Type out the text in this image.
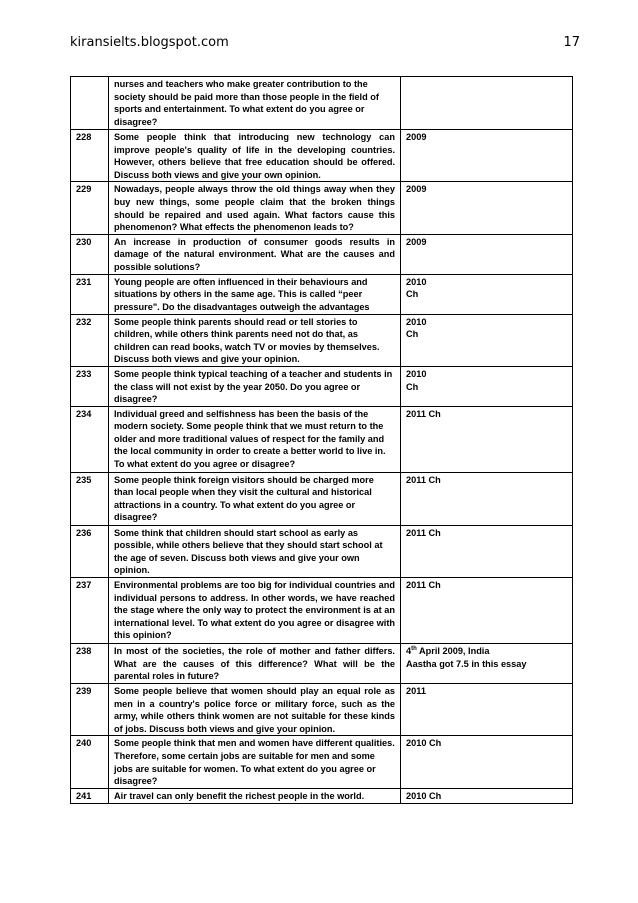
kiransielts.blogspot.com	17
	nurses and teachers who make greater contribution to the society should be paid more than those people in the field of sports and entertainment. To what extent do you agree or disagree?	
228	Some people think that introducing new technology can improve people's quality of life in the developing countries. However, others believe that free education should be offered. Discuss both views and give your own opinion.	2009
229	Nowadays, people always throw the old things away when they buy new things, some people claim that the broken things should be repaired and used again. What factors cause this phenomenon? What effects the phenomenon leads to?	2009
230	An increase in production of consumer goods results in damage of the natural environment. What are the causes and possible solutions?	2009
231	Young people are often influenced in their behaviours and situations by others in the same age. This is called “peer pressure". Do the disadvantages outweigh the advantages	2010
Ch
232	Some people think parents should read or tell stories to children, while others think parents need not do that, as children can read books, watch TV or movies by themselves. Discuss both views and give your opinion.	2010
Ch
233	Some people think typical teaching of a teacher and students in the class will not exist by the year 2050. Do you agree or disagree?	2010
Ch
234	Individual greed and selfishness has been the basis of the modern society. Some people think that we must return to the older and more traditional values of respect for the family and the local community in order to create a better world to live in. To what extent do you agree or disagree?	2011 Ch
235	Some people think foreign visitors should be charged more than local people when they visit the cultural and historical attractions in a country. To what extent do you agree or disagree?	2011 Ch
236	Some think that children should start school as early as possible, while others believe that they should start school at the age of seven. Discuss both views and give your own opinion.	2011 Ch
237	Environmental problems are too big for individual countries and individual persons to address. In other words, we have reached the stage where the only way to protect the environment is at an international level. To what extent do you agree or disagree with this opinion?	2011 Ch
238	In most of the societies, the role of mother and father differs. What are the causes of this difference? What will be the parental roles in future?	4th April 2009, India
Aastha got 7.5 in this essay
239	Some people believe that women should play an equal role as men in a country's police force or military force, such as the army, while others think women are not suitable for these kinds of jobs. Discuss both views and give your opinion.	2011
240	Some people think that men and women have different qualities. Therefore, some certain jobs are suitable for men and some jobs are suitable for women. To what extent do you agree or disagree?	2010 Ch
241	Air travel can only benefit the richest people in the world.	2010 Ch
